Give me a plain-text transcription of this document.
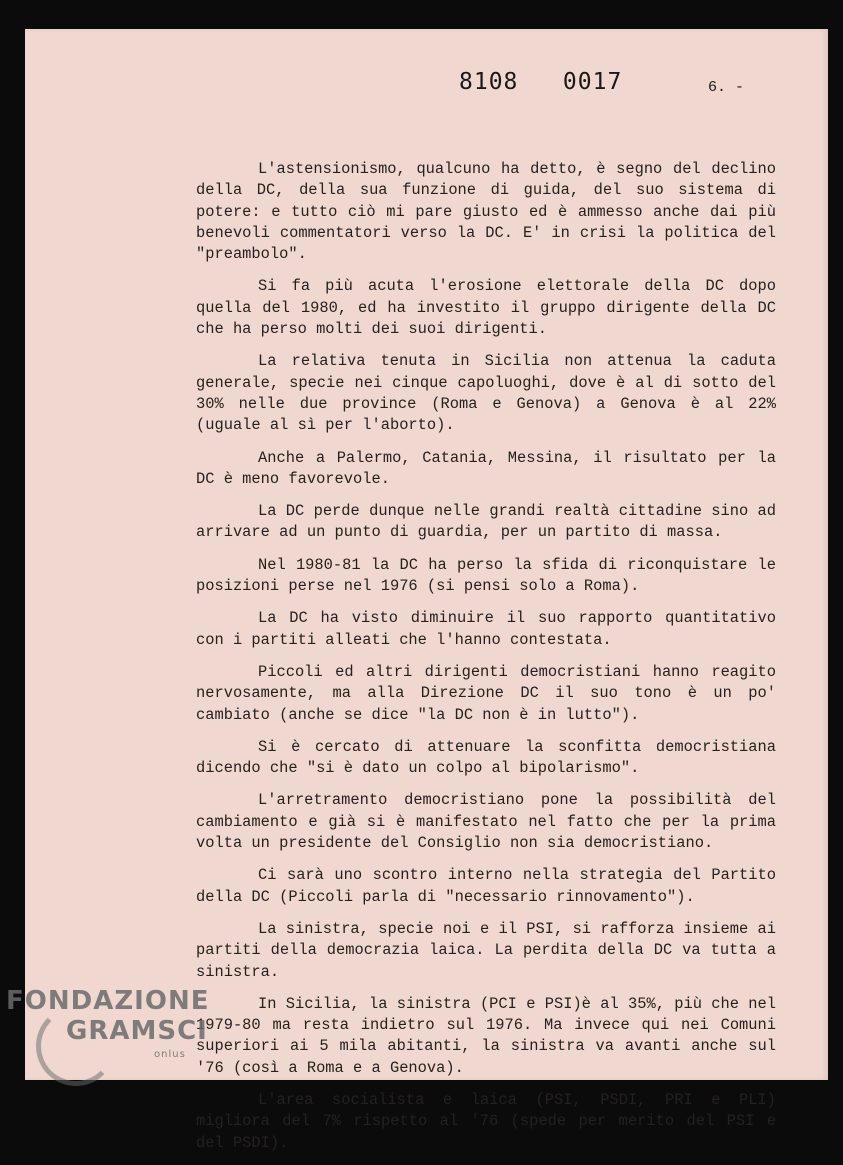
8108   0017	6. -

L'astensionismo, qualcuno ha detto, è segno del declino della DC, della sua funzione di guida, del suo sistema di potere: e tutto ciò mi pare giusto ed è ammesso anche dai più benevoli commentatori verso la DC. E' in crisi la politica del "preambolo".

Si fa più acuta l'erosione elettorale della DC dopo quella del 1980, ed ha investito il gruppo dirigente della DC che ha perso molti dei suoi dirigenti.

La relativa tenuta in Sicilia non attenua la caduta generale, specie nei cinque capoluoghi, dove è al di sotto del 30% nelle due province (Roma e Genova) a Genova è al 22% (uguale al sì per l'aborto).

Anche a Palermo, Catania, Messina, il risultato per la DC è meno favorevole.

La DC perde dunque nelle grandi realtà cittadine sino ad arrivare ad un punto di guardia, per un partito di massa.

Nel 1980-81 la DC ha perso la sfida di riconquistare le posizioni perse nel 1976 (si pensi solo a Roma).

La DC ha visto diminuire il suo rapporto quantitativo con i partiti alleati che l'hanno contestata.

Piccoli ed altri dirigenti democristiani hanno reagito nervosamente, ma alla Direzione DC il suo tono è un po' cambiato (anche se dice "la DC non è in lutto").

Si è cercato di attenuare la sconfitta democristiana dicendo che "si è dato un colpo al bipolarismo".

L'arretramento democristiano pone la possibilità del cambiamento e già si è manifestato nel fatto che per la prima volta un presidente del Consiglio non sia democristiano.

Ci sarà uno scontro interno nella strategia del Partito della DC (Piccoli parla di "necessario rinnovamento").

La sinistra, specie noi e il PSI, si rafforza insieme ai partiti della democrazia laica. La perdita della DC va tutta a sinistra.

In Sicilia, la sinistra (PCI e PSI)è al 35%, più che nel 1979-80 ma resta indietro sul 1976. Ma invece qui nei Comuni superiori ai 5 mila abitanti, la sinistra va avanti anche sul '76 (così a Roma e a Genova).

L'area socialista e laica (PSI, PSDI, PRI e PLI) migliora del 7% rispetto al '76 (spede per merito del PSI e del PSDI).

FONDAZIONE
GRAMSCI
onlus
